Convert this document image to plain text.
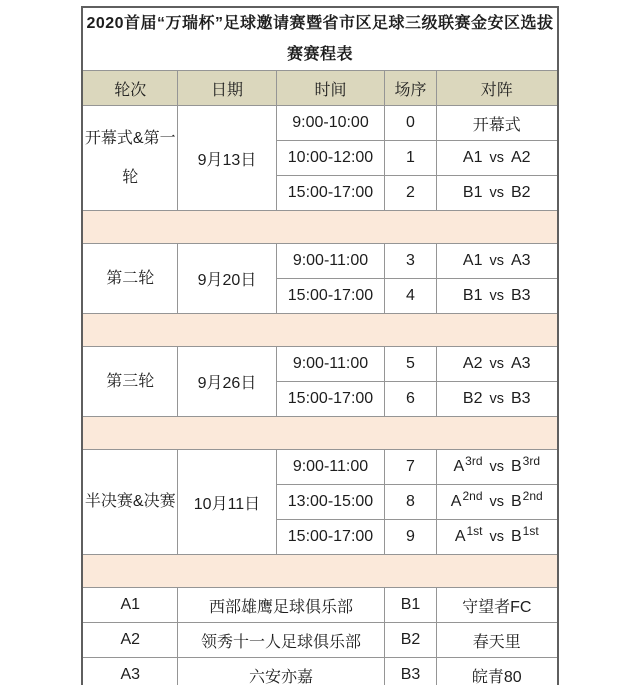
2020首届“万瑞杯”足球邀请赛暨省市区足球三级联赛金安区选拔赛赛程表				
轮次	日期	时间	场序	对阵
开幕式&第一轮	9月13日	9:00-10:00	0	开幕式
		10:00-12:00	1	A1 vs A2
		15:00-17:00	2	B1 vs B2

第二轮	9月20日	9:00-11:00	3	A1 vs A3
		15:00-17:00	4	B1 vs B3

第三轮	9月26日	9:00-11:00	5	A2 vs A3
		15:00-17:00	6	B2 vs B3

半决赛&决赛	10月11日	9:00-11:00	7	$A^{3rd}$ vs $B^{3rd}$
		13:00-15:00	8	$A^{2nd}$ vs $B^{2nd}$
		15:00-17:00	9	$A^{1st}$ vs $B^{1st}$

A1	西部雄鹰足球俱乐部		B1	守望者FC
A2	领秀十一人足球俱乐部		B2	春天里
A3	六安亦嘉		B3	皖青80
